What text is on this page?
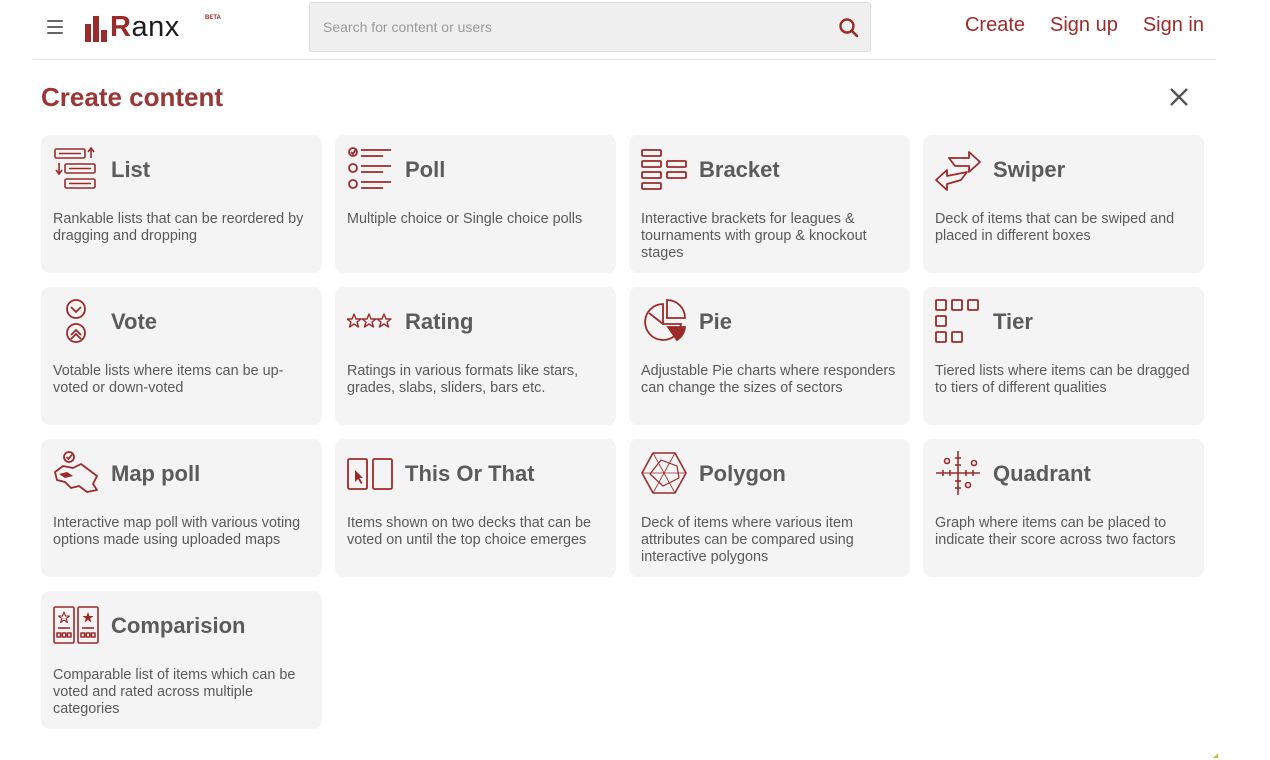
Ranx	BETA
Search for content or users	Create Sign up Sign in
Create content
List
Rankable lists that can be reordered by dragging and dropping
Poll
Multiple choice or Single choice polls
Bracket
Interactive brackets for leagues & tournaments with group & knockout stages
Swiper
Deck of items that can be swiped and placed in different boxes
Vote
Votable lists where items can be up-voted or down-voted
Rating
Ratings in various formats like stars, grades, slabs, sliders, bars etc.
Pie
Adjustable Pie charts where responders can change the sizes of sectors
Tier
Tiered lists where items can be dragged to tiers of different qualities
Map poll
Interactive map poll with various voting options made using uploaded maps
This Or That
Items shown on two decks that can be voted on until the top choice emerges
Polygon
Deck of items where various item attributes can be compared using interactive polygons
Quadrant
Graph where items can be placed to indicate their score across two factors
Comparision
Comparable list of items which can be voted and rated across multiple categories
